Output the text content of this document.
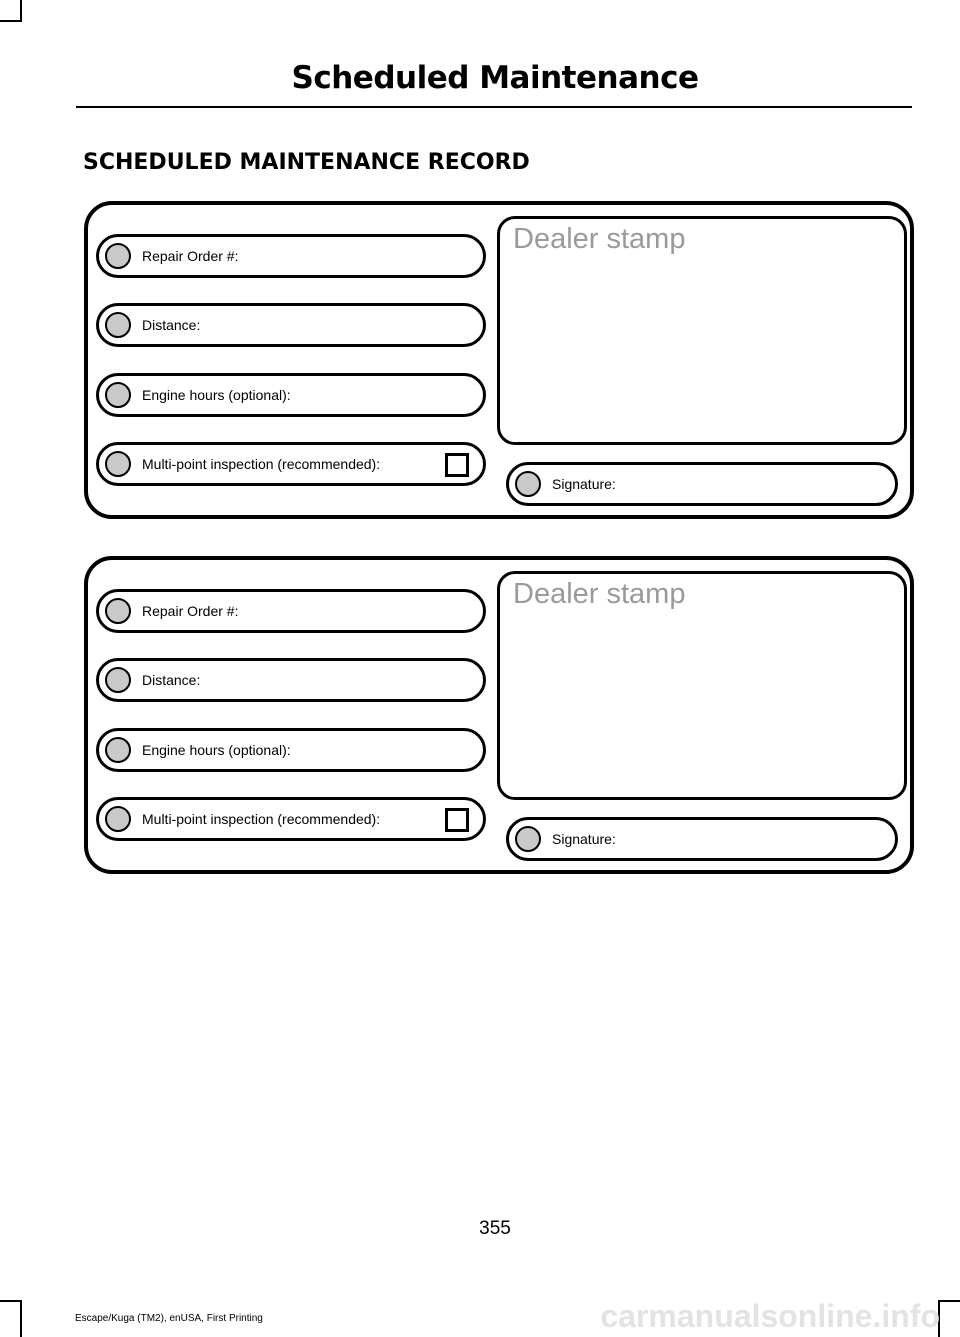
Scheduled Maintenance
SCHEDULED MAINTENANCE RECORD
Repair Order #:
Distance:
Engine hours (optional):
Multi-point inspection (recommended):
Dealer stamp
Signature:
Repair Order #:
Distance:
Engine hours (optional):
Multi-point inspection (recommended):
Dealer stamp
Signature:
355
Escape/Kuga (TM2), enUSA, First Printing	carmanualsonline.info
